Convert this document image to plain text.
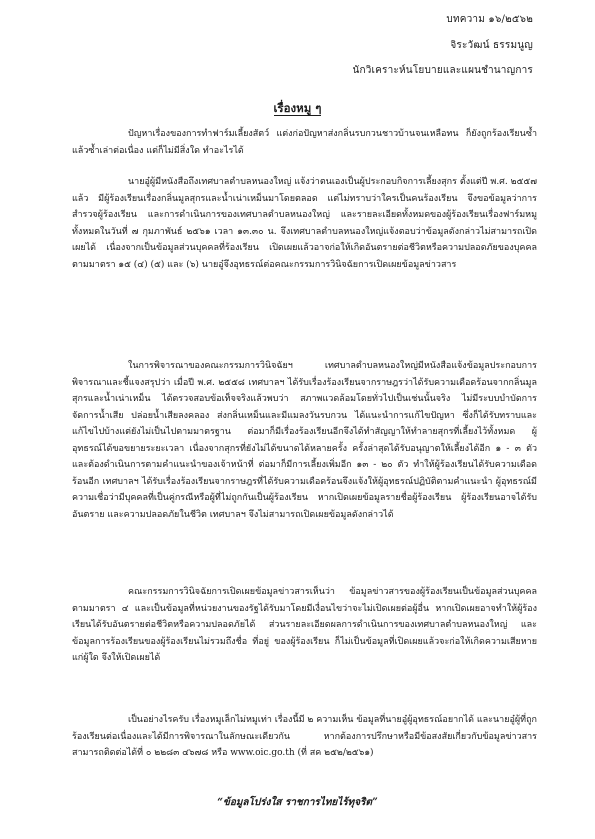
บทความ ๑๖/๒๕๖๒
จิระวัฒน์ ธรรมนูญ
นักวิเคราะห์นโยบายและแผนชำนาญการ
เรื่องหมู ๆ

ปัญหาเรื่องของการทำฟาร์มเลี้ยงสัตว์ แต่งก่อปัญหาส่งกลิ่นรบกวนชาวบ้านจนเหลือทน ก็ยังถูกร้องเรียนซ้ำแล้วซ้ำเล่าต่อเนื่อง แต่ก็ไม่มีสิ่งใด ทำอะไรได้

นายอู๋ผู้มีหนังสือถึงเทศบาลตำบลหนองใหญ่ แจ้งว่าตนเองเป็นผู้ประกอบกิจการเลี้ยงสุกร ตั้งแต่ปี พ.ศ. ๒๕๕๗ แล้ว มีผู้ร้องเรียนเรื่องกลิ่นมูลสุกรและน้ำเน่าเหม็นมาโดยตลอด แต่ไม่ทราบว่าใครเป็นคนร้องเรียน จึงขอข้อมูลว่าการสำรวจผู้ร้องเรียน และการดำเนินการของเทศบาลตำบลหนองใหญ่ และรายละเอียดทั้งหมดของผู้ร้องเรียนเรื่องฟาร์มหมูทั้งหมดในวันที่ ๗ กุมภาพันธ์ ๒๕๖๑ เวลา ๑๓.๓๐ น. จึงเทศบาลตำบลหนองใหญ่แจ้งตอบว่าข้อมูลดังกล่าวไม่สามารถเปิดเผยได้ เนื่องจากเป็นข้อมูลส่วนบุคคลที่ร้องเรียน เปิดเผยแล้วอาจก่อให้เกิดอันตรายต่อชีวิตหรือความปลอดภัยของบุคคล ตามมาตรา ๑๕ (๔) (๕) และ (๖) นายอู๋จึงอุทธรณ์ต่อคณะกรรมการวินิจฉัยการเปิดเผยข้อมูลข่าวสาร

ในการพิจารณาของคณะกรรมการวินิจฉัยฯ เทศบาลตำบลหนองใหญ่มีหนังสือแจ้งข้อมูลประกอบการพิจารณาและชี้แจงสรุปว่า เมื่อปี พ.ศ. ๒๕๕๘ เทศบาลฯ ได้รับเรื่องร้องเรียนจากราษฎรว่าได้รับความเดือดร้อนจากกลิ่นมูลสุกรและน้ำเน่าเหม็น ได้ตรวจสอบข้อเท็จจริงแล้วพบว่า สภาพแวดล้อมโดยทั่วไปเป็นเช่นนั้นจริง ไม่มีระบบบำบัดการจัดการน้ำเสีย ปล่อยน้ำเสียลงคลอง ส่งกลิ่นเหม็นและมีแมลงวันรบกวน ได้แนะนำการแก้ไขปัญหา ซึ่งก็ได้รับทราบและแก้ไขไปบ้างแต่ยังไม่เป็นไปตามมาตรฐาน ต่อมาก็มีเรื่องร้องเรียนอีกจึงได้ทำสัญญาให้ทำลายสุกรที่เลี้ยงไว้ทั้งหมด ผู้อุทธรณ์ได้ขอขยายระยะเวลา เนื่องจากสุกรที่ยังไม่ได้ขนาดได้หลายครั้ง ครั้งล่าสุดได้รับอนุญาตให้เลี้ยงได้อีก ๑ - ๓ ตัว และต้องดำเนินการตามคำแนะนำของเจ้าหน้าที่ ต่อมาก็มีการเลี้ยงเพิ่มอีก ๑๓ - ๒๐ ตัว ทำให้ผู้ร้องเรียนได้รับความเดือดร้อนอีก เทศบาลฯ ได้รับเรื่องร้องเรียนจากราษฎรที่ได้รับความเดือดร้อนจึงแจ้งให้ผู้อุทธรณ์ปฏิบัติตามคำแนะนำ ผู้อุทธรณ์มีความเชื่อว่ามีบุคคลที่เป็นคู่กรณีหรือผู้ที่ไม่ถูกกันเป็นผู้ร้องเรียน หากเปิดเผยข้อมูลรายชื่อผู้ร้องเรียน ผู้ร้องเรียนอาจได้รับอันตราย และความปลอดภัยในชีวิต เทศบาลฯ จึงไม่สามารถเปิดเผยข้อมูลดังกล่าวได้

คณะกรรมการวินิจฉัยการเปิดเผยข้อมูลข่าวสารเห็นว่า ข้อมูลข่าวสารของผู้ร้องเรียนเป็นข้อมูลส่วนบุคคลตามมาตรา ๔ และเป็นข้อมูลที่หน่วยงานของรัฐได้รับมาโดยมีเงื่อนไขว่าจะไม่เปิดเผยต่อผู้อื่น หากเปิดเผยอาจทำให้ผู้ร้องเรียนได้รับอันตรายต่อชีวิตหรือความปลอดภัยได้ ส่วนรายละเอียดผลการดำเนินการของเทศบาลตำบลหนองใหญ่ และข้อมูลการร้องเรียนของผู้ร้องเรียนไม่รวมถึงชื่อ ที่อยู่ ของผู้ร้องเรียน ก็ไม่เป็นข้อมูลที่เปิดเผยแล้วจะก่อให้เกิดความเสียหายแก่ผู้ใด จึงให้เปิดเผยได้

เป็นอย่างไรครับ เรื่องหมูเล็กไม่หมูเท่า เรื่องนี้มี ๒ ความเห็น ข้อมูลที่นายอู๋ผู้อุทธรณ์อยากได้ และนายอู๋ผู้ที่ถูกร้องเรียนต่อเนื่องและได้มีการพิจารณาในลักษณะเดียวกัน หากต้องการปรึกษาหรือมีข้อสงสัยเกี่ยวกับข้อมูลข่าวสาร สามารถติดต่อได้ที่ ๐ ๒๒๘๓ ๔๖๗๘ หรือ www.oic.go.th (ที่ สค ๒๕๒/๒๕๖๑)

“ข้อมูลโปร่งใส ราชการไทยไร้ทุจริต”
